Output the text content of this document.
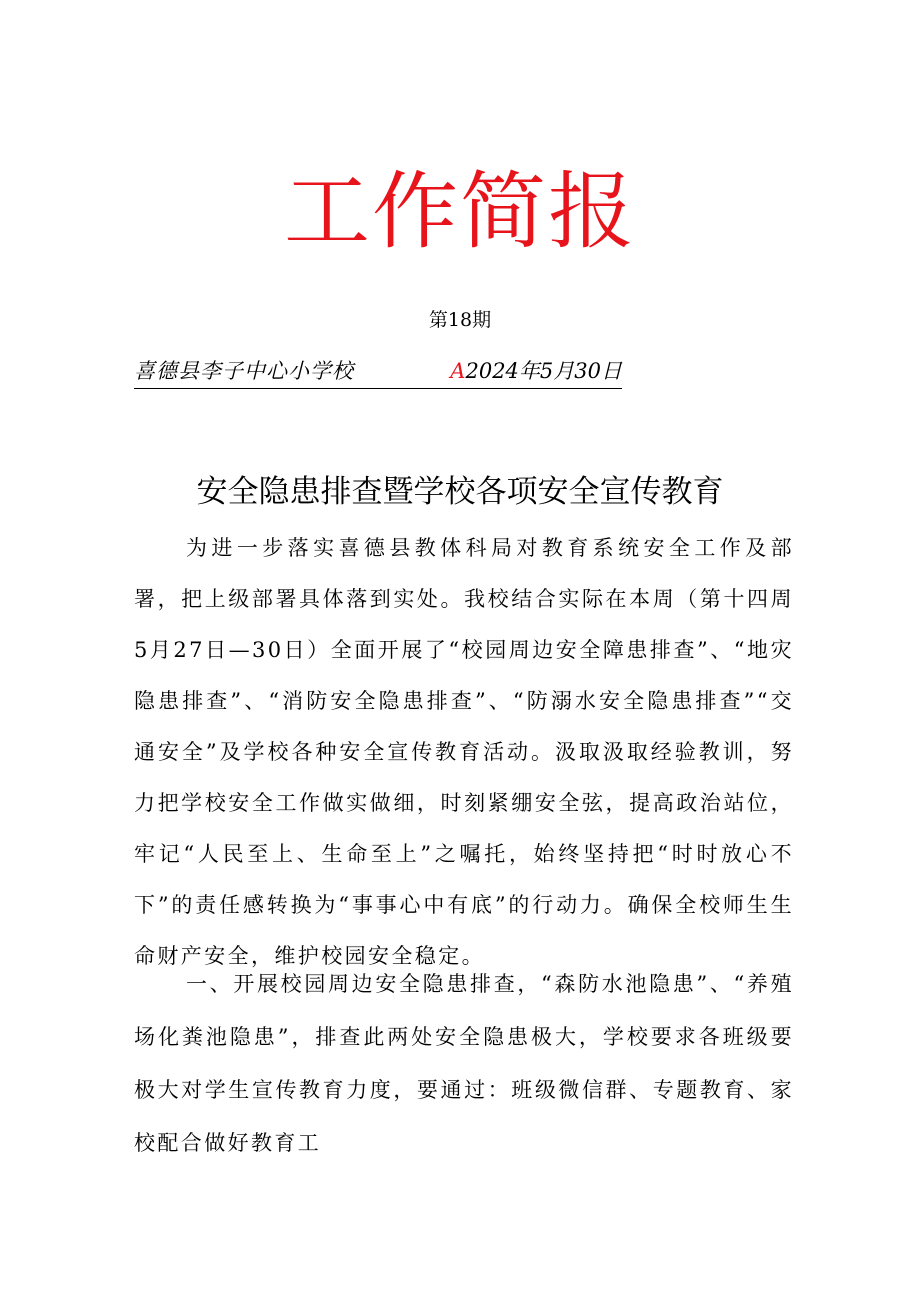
工作简报
第18期
喜德县李子中心小学校	A2024年5月30日
安全隐患排查暨学校各项安全宣传教育

为进一步落实喜德县教体科局对教育系统安全工作及部署，把上级部署具体落到实处。我校结合实际在本周（第十四周5月27日—30日）全面开展了“校园周边安全障患排查”、“地灾隐患排查”、“消防安全隐患排查”、“防溺水安全隐患排查”“交通安全”及学校各种安全宣传教育活动。汲取汲取经验教训，努力把学校安全工作做实做细，时刻紧绷安全弦，提高政治站位，牢记“人民至上、生命至上”之嘱托，始终坚持把“时时放心不下”的责任感转换为“事事心中有底”的行动力。确保全校师生生命财产安全，维护校园安全稳定。

一、开展校园周边安全隐患排查，“森防水池隐患”、“养殖场化粪池隐患”，排查此两处安全隐患极大，学校要求各班级要极大对学生宣传教育力度，要通过：班级微信群、专题教育、家校配合做好教育工
